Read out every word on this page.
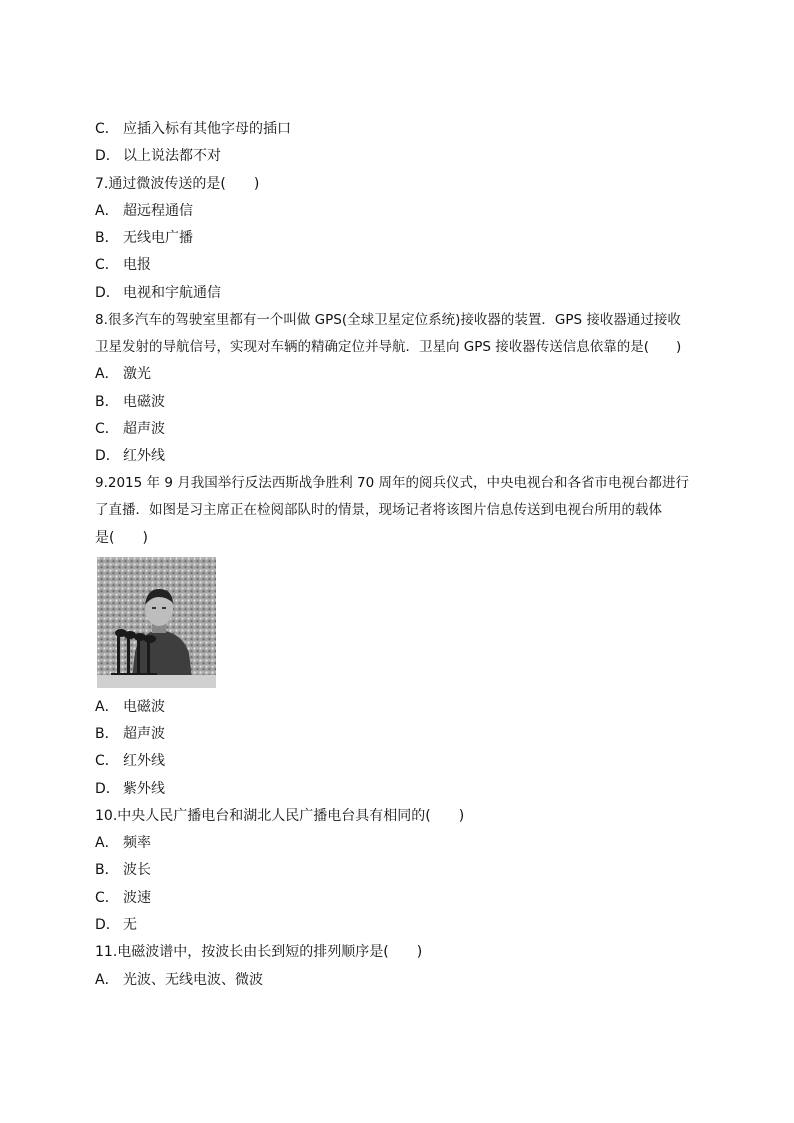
C． 应插入标有其他字母的插口
D． 以上说法都不对
7.通过微波传送的是(　　)
A． 超远程通信
B． 无线电广播
C． 电报
D． 电视和宇航通信
8.很多汽车的驾驶室里都有一个叫做 GPS(全球卫星定位系统)接收器的装置．GPS 接收器通过接收
卫星发射的导航信号，实现对车辆的精确定位并导航．卫星向 GPS 接收器传送信息依靠的是(　　)
A． 激光
B． 电磁波
C． 超声波
D． 红外线
9.2015 年 9 月我国举行反法西斯战争胜利 70 周年的阅兵仪式，中央电视台和各省市电视台都进行
了直播．如图是习主席正在检阅部队时的情景，现场记者将该图片信息传送到电视台所用的载体
是(　　)
A． 电磁波
B． 超声波
C． 红外线
D． 紫外线
10.中央人民广播电台和湖北人民广播电台具有相同的(　　)
A． 频率
B． 波长
C． 波速
D． 无
11.电磁波谱中，按波长由长到短的排列顺序是(　　)
A． 光波、无线电波、微波
